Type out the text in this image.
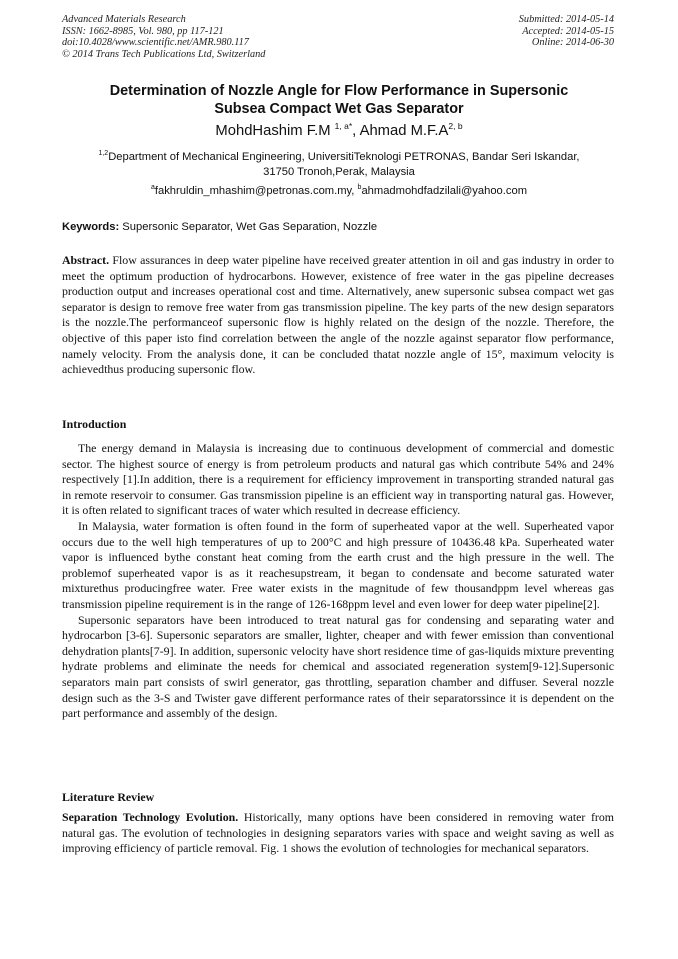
Advanced Materials Research
ISSN: 1662-8985, Vol. 980, pp 117-121
doi:10.4028/www.scientific.net/AMR.980.117
© 2014 Trans Tech Publications Ltd, Switzerland
Submitted: 2014-05-14
Accepted: 2014-05-15
Online: 2014-06-30
Determination of Nozzle Angle for Flow Performance in Supersonic
Subsea Compact Wet Gas Separator
MohdHashim F.M $^{1, a*}$, Ahmad $M.F.A^{2, b}$
$^{1,2}$Department of Mechanical Engineering, UniversitiTeknologi PETRONAS, Bandar Seri Iskandar,
31750 Tronoh,Perak, Malaysia
$^a$fakhruldin_mhashim@petronas.com.my, $^b$ahmadmohdfadzilali@yahoo.com
Keywords: Supersonic Separator, Wet Gas Separation, Nozzle

Abstract. Flow assurances in deep water pipeline have received greater attention in oil and gas industry in order to meet the optimum production of hydrocarbons. However, existence of free water in the gas pipeline decreases production output and increases operational cost and time. Alternatively, anew supersonic subsea compact wet gas separator is design to remove free water from gas transmission pipeline. The key parts of the new design separators is the nozzle.The performanceof supersonic flow is highly related on the design of the nozzle. Therefore, the objective of this paper isto find correlation between the angle of the nozzle against separator flow performance, namely velocity. From the analysis done, it can be concluded thatat nozzle angle of 15°, maximum velocity is achievedthus producing supersonic flow.

Introduction

The energy demand in Malaysia is increasing due to continuous development of commercial and domestic sector. The highest source of energy is from petroleum products and natural gas which contribute 54% and 24% respectively [1].In addition, there is a requirement for efficiency improvement in transporting stranded natural gas in remote reservoir to consumer. Gas transmission pipeline is an efficient way in transporting natural gas. However, it is often related to significant traces of water which resulted in decrease efficiency.

In Malaysia, water formation is often found in the form of superheated vapor at the well. Superheated vapor occurs due to the well high temperatures of up to 200°C and high pressure of 10436.48 kPa. Superheated water vapor is influenced bythe constant heat coming from the earth crust and the high pressure in the well. The problemof superheated vapor is as it reachesupstream, it began to condensate and become saturated water mixturethus producingfree water. Free water exists in the magnitude of few thousandppm level whereas gas transmission pipeline requirement is in the range of 126-168ppm level and even lower for deep water pipeline[2].

Supersonic separators have been introduced to treat natural gas for condensing and separating water and hydrocarbon [3-6]. Supersonic separators are smaller, lighter, cheaper and with fewer emission than conventional dehydration plants[7-9]. In addition, supersonic velocity have short residence time of gas-liquids mixture preventing hydrate problems and eliminate the needs for chemical and associated regeneration system[9-12].Supersonic separators main part consists of swirl generator, gas throttling, separation chamber and diffuser. Several nozzle design such as the 3-S and Twister gave different performance rates of their separatorssince it is dependent on the part performance and assembly of the design.

Literature Review

Separation Technology Evolution. Historically, many options have been considered in removing water from natural gas. The evolution of technologies in designing separators varies with space and weight saving as well as improving efficiency of particle removal. Fig. 1 shows the evolution of technologies for mechanical separators.
